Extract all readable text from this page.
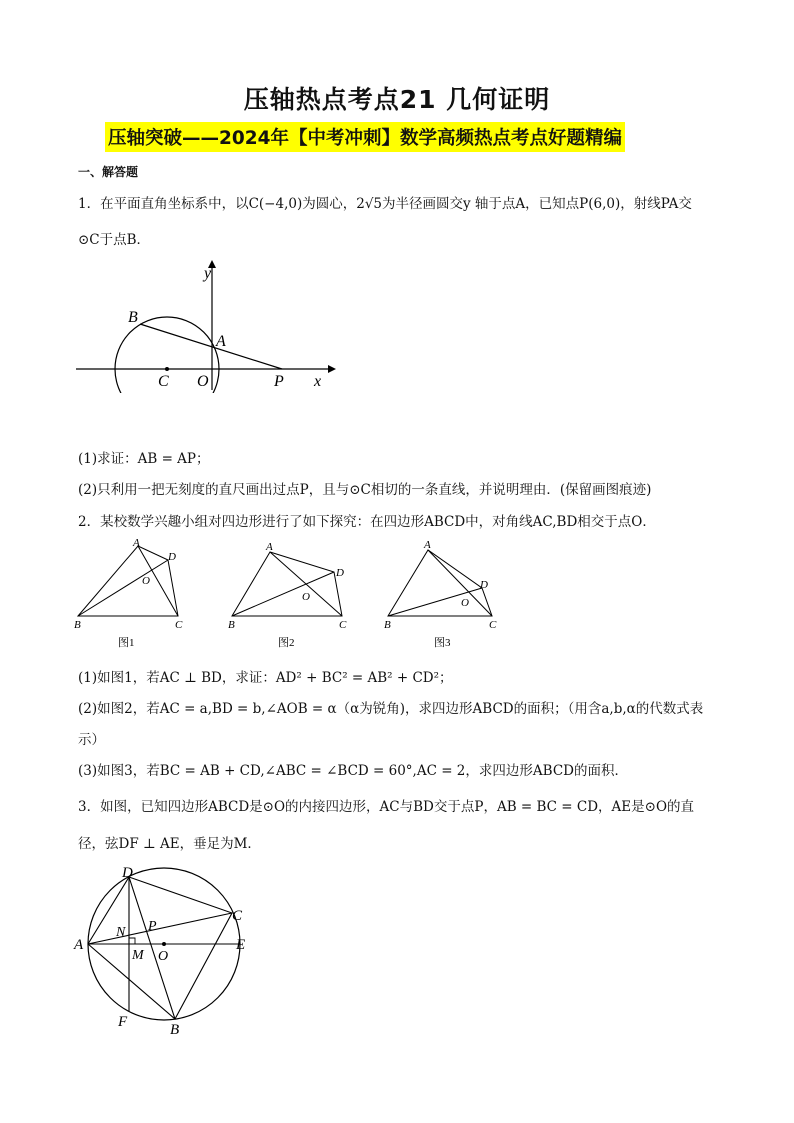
压轴热点考点21 几何证明
压轴突破——2024年【中考冲刺】数学高频热点考点好题精编
一、解答题
1．在平面直角坐标系中，以C(−4,0)为圆心，2√5为半径画圆交y 轴于点A，已知点P(6,0)，射线PA交
⊙C于点B．
y
x
B
A
C O	P
(1)求证：AB = AP；
(2)只利用一把无刻度的直尺画出过点P，且与⊙C相切的一条直线，并说明理由．(保留画图痕迹)
2．某校数学兴趣小组对四边形进行了如下探究：在四边形ABCD中，对角线AC,BD相交于点O．
A
D
O
B	C
图1
A
D
O
B	C
图2
A
D
O
B	C
图3
(1)如图1，若AC ⊥ BD，求证：AD² + BC² = AB² + CD²；
(2)如图2，若AC = a,BD = b,∠AOB = α（α为锐角)，求四边形ABCD的面积；（用含a,b,α的代数式表
示）
(3)如图3，若BC = AB + CD,∠ABC = ∠BCD = 60°,AC = 2，求四边形ABCD的面积．
3．如图，已知四边形ABCD是⊙O的内接四边形，AC与BD交于点P，AB = BC = CD，AE是⊙O的直
径，弦DF ⊥ AE，垂足为M．
D
C
A	E
N P
M O
F	B
